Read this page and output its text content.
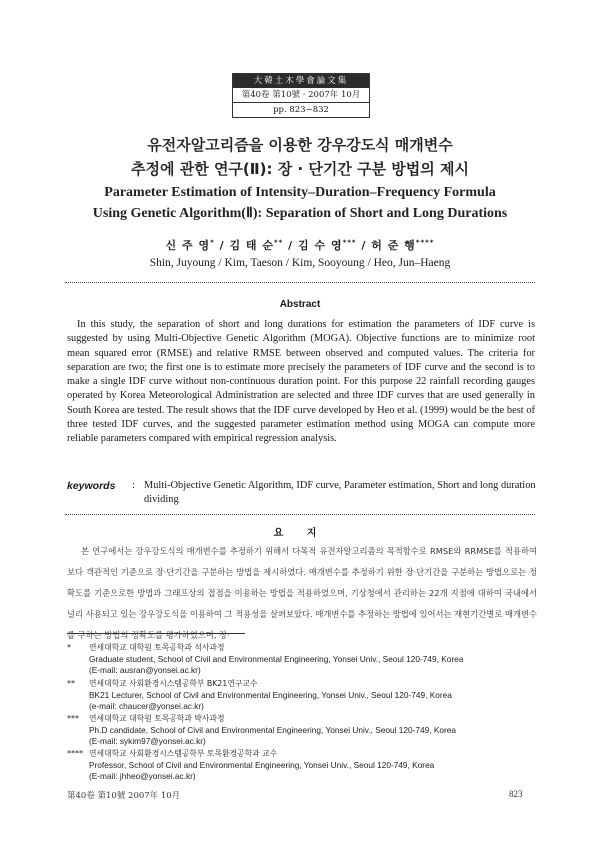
大韓土木學會論文集
第40卷 第10號 · 2007年 10月
pp. 823~832
유전자알고리즘을 이용한 강우강도식 매개변수
추정에 관한 연구(Ⅱ): 장 · 단기간 구분 방법의 제시
Parameter Estimation of Intensity–Duration–Frequency Formula
Using Genetic Algorithm(Ⅱ): Separation of Short and Long Durations
신 주 영* / 김 태 순** / 김 수 영*** / 허 준 행****
Shin, Juyoung / Kim, Taeson / Kim, Sooyoung / Heo, Jun–Haeng
Abstract
In this study, the separation of short and long durations for estimation the parameters of IDF curve is suggested by using Multi-Objective Genetic Algorithm (MOGA). Objective functions are to minimize root mean squared error (RMSE) and relative RMSE between observed and computed values. The criteria for separation are two; the first one is to estimate more precisely the parameters of IDF curve and the second is to make a single IDF curve without non-continuous duration point. For this purpose 22 rainfall recording gauges operated by Korea Meteorological Administration are selected and three IDF curves that are used generally in South Korea are tested. The result shows that the IDF curve developed by Heo et al. (1999) would be the best of three tested IDF curves, and the suggested parameter estimation method using MOGA can compute more reliable parameters compared with empirical regression analysis.
keywords : Multi-Objective Genetic Algorithm, IDF curve, Parameter estimation, Short and long duration dividing
요 지
본 연구에서는 강우강도식의 매개변수를 추정하기 위해서 다목적 유전자알고리즘의 목적함수로 RMSE와 RRMSE를 적용하여 보다 객관적인 기준으로 장·단기간을 구분하는 방법을 제시하였다. 매개변수를 추정하기 위한 장·단기간을 구분하는 방법으로는 정확도를 기준으로한 방법과 그래프상의 접점을 이용하는 방법을 적용하였으며, 기상청에서 관리하는 22개 지점에 대하여 국내에서 널리 사용되고 있는 강우강도식을 이용하여 그 적용성을 살펴보았다. 매개변수를 추정하는 방법에 있어서는 재현기간별로 매개변수를 구하는 방법의 정확도를 평가하였으며, 장·
*	연세대학교 대학원 토목공학과 석사과정
Graduate student, School of Civil and Environmental Engineering, Yonsei Univ., Seoul 120-749, Korea
(E-mail: ausran@yonsei.ac.kr)
**	연세대학교 사회환경시스템공학부 BK21연구교수
BK21 Lecturer, School of Civil and Environmental Engineering, Yonsei Univ., Seoul 120-749, Korea
(e-mail: chaucer@yonsei.ac.kr)
***	연세대학교 대학원 토목공학과 박사과정
Ph.D candidate, School of Civil and Environmental Engineering, Yonsei Univ., Seoul 120-749, Korea
(E-mail: sykim97@yonsei.ac.kr)
**** 연세대학교 사회환경시스템공학부 토목환경공학과 교수
Professor, School of Civil and Environmental Engineering, Yonsei Univ., Seoul 120-749, Korea
(E-mail: jhheo@yonsei.ac.kr)
第40卷 第10號 2007年 10月	823
